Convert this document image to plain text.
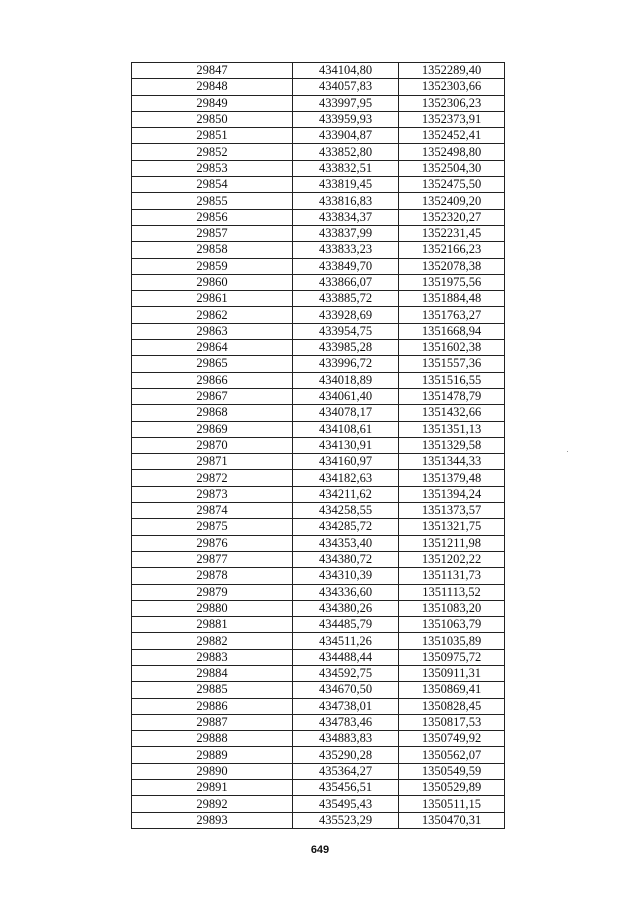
29847	434104,80	1352289,40
29848	434057,83	1352303,66
29849	433997,95	1352306,23
29850	433959,93	1352373,91
29851	433904,87	1352452,41
29852	433852,80	1352498,80
29853	433832,51	1352504,30
29854	433819,45	1352475,50
29855	433816,83	1352409,20
29856	433834,37	1352320,27
29857	433837,99	1352231,45
29858	433833,23	1352166,23
29859	433849,70	1352078,38
29860	433866,07	1351975,56
29861	433885,72	1351884,48
29862	433928,69	1351763,27
29863	433954,75	1351668,94
29864	433985,28	1351602,38
29865	433996,72	1351557,36
29866	434018,89	1351516,55
29867	434061,40	1351478,79
29868	434078,17	1351432,66
29869	434108,61	1351351,13
29870	434130,91	1351329,58
29871	434160,97	1351344,33
29872	434182,63	1351379,48
29873	434211,62	1351394,24
29874	434258,55	1351373,57
29875	434285,72	1351321,75
29876	434353,40	1351211,98
29877	434380,72	1351202,22
29878	434310,39	1351131,73
29879	434336,60	1351113,52
29880	434380,26	1351083,20
29881	434485,79	1351063,79
29882	434511,26	1351035,89
29883	434488,44	1350975,72
29884	434592,75	1350911,31
29885	434670,50	1350869,41
29886	434738,01	1350828,45
29887	434783,46	1350817,53
29888	434883,83	1350749,92
29889	435290,28	1350562,07
29890	435364,27	1350549,59
29891	435456,51	1350529,89
29892	435495,43	1350511,15
29893	435523,29	1350470,31
649
